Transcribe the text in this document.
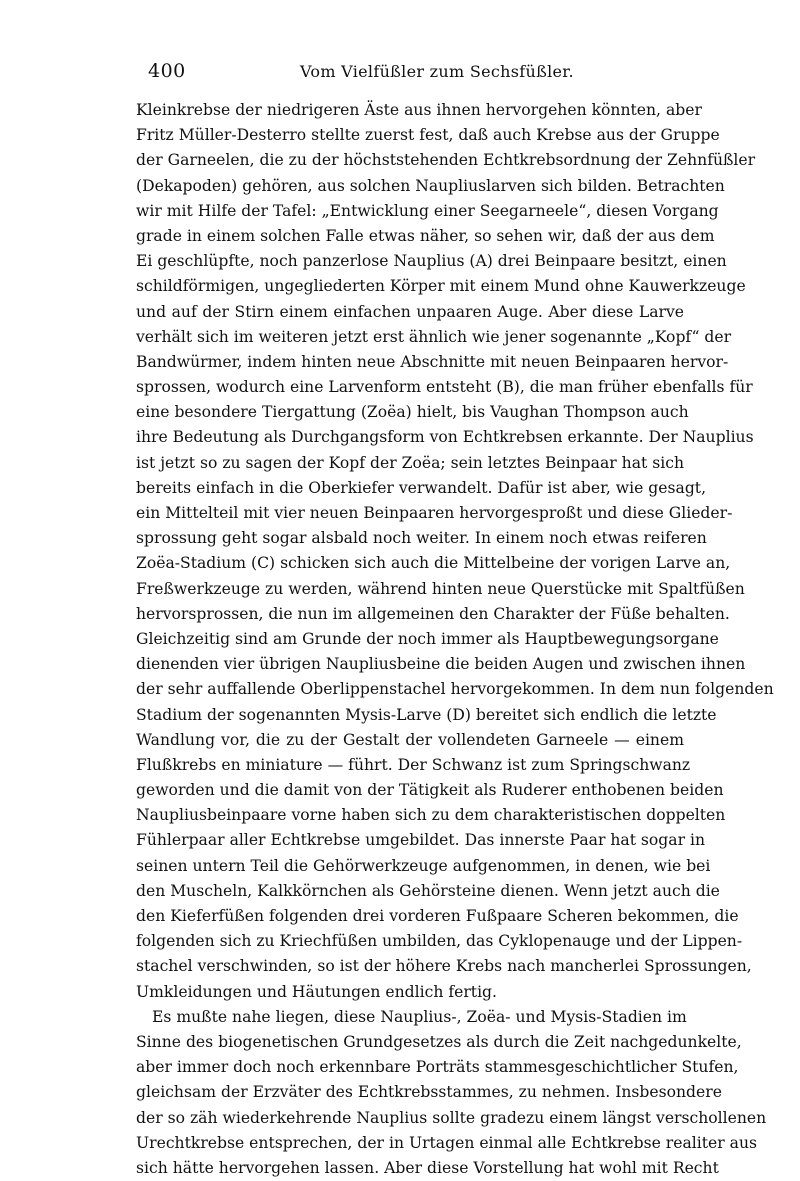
400	Vom Vielfüßler zum Sechsfüßler.
Kleinkrebse der niedrigeren Äste aus ihnen hervorgehen könnten, aber
Fritz Müller-Desterro stellte zuerst fest, daß auch Krebse aus der Gruppe
der Garneelen, die zu der höchststehenden Echtkrebsordnung der Zehnfüßler
(Dekapoden) gehören, aus solchen Naupliuslarven sich bilden. Betrachten
wir mit Hilfe der Tafel: „Entwicklung einer Seegarneele“, diesen Vorgang
grade in einem solchen Falle etwas näher, so sehen wir, daß der aus dem
Ei geschlüpfte, noch panzerlose Nauplius (A) drei Beinpaare besitzt, einen
schildförmigen, ungegliederten Körper mit einem Mund ohne Kauwerkzeuge
und auf der Stirn einem einfachen unpaaren Auge. Aber diese Larve
verhält sich im weiteren jetzt erst ähnlich wie jener sogenannte „Kopf“ der
Bandwürmer, indem hinten neue Abschnitte mit neuen Beinpaaren hervor-
sprossen, wodurch eine Larvenform entsteht (B), die man früher ebenfalls für
eine besondere Tiergattung (Zoëa) hielt, bis Vaughan Thompson auch
ihre Bedeutung als Durchgangsform von Echtkrebsen erkannte. Der Nauplius
ist jetzt so zu sagen der Kopf der Zoëa; sein letztes Beinpaar hat sich
bereits einfach in die Oberkiefer verwandelt. Dafür ist aber, wie gesagt,
ein Mittelteil mit vier neuen Beinpaaren hervorgesproßt und diese Glieder-
sprossung geht sogar alsbald noch weiter. In einem noch etwas reiferen
Zoëa-Stadium (C) schicken sich auch die Mittelbeine der vorigen Larve an,
Freßwerkzeuge zu werden, während hinten neue Querstücke mit Spaltfüßen
hervorsprossen, die nun im allgemeinen den Charakter der Füße behalten.
Gleichzeitig sind am Grunde der noch immer als Hauptbewegungsorgane
dienenden vier übrigen Naupliusbeine die beiden Augen und zwischen ihnen
der sehr auffallende Oberlippenstachel hervorgekommen. In dem nun folgenden
Stadium der sogenannten Mysis-Larve (D) bereitet sich endlich die letzte
Wandlung vor, die zu der Gestalt der vollendeten Garneele — einem
Flußkrebs en miniature — führt. Der Schwanz ist zum Springschwanz
geworden und die damit von der Tätigkeit als Ruderer enthobenen beiden
Naupliusbeinpaare vorne haben sich zu dem charakteristischen doppelten
Fühlerpaar aller Echtkrebse umgebildet. Das innerste Paar hat sogar in
seinen untern Teil die Gehörwerkzeuge aufgenommen, in denen, wie bei
den Muscheln, Kalkkörnchen als Gehörsteine dienen. Wenn jetzt auch die
den Kieferfüßen folgenden drei vorderen Fußpaare Scheren bekommen, die
folgenden sich zu Kriechfüßen umbilden, das Cyklopenauge und der Lippen-
stachel verschwinden, so ist der höhere Krebs nach mancherlei Sprossungen,
Umkleidungen und Häutungen endlich fertig.
Es mußte nahe liegen, diese Nauplius-, Zoëa- und Mysis-Stadien im
Sinne des biogenetischen Grundgesetzes als durch die Zeit nachgedunkelte,
aber immer doch noch erkennbare Porträts stammesgeschichtlicher Stufen,
gleichsam der Erzväter des Echtkrebsstammes, zu nehmen. Insbesondere
der so zäh wiederkehrende Nauplius sollte gradezu einem längst verschollenen
Urechtkrebse entsprechen, der in Urtagen einmal alle Echtkrebse realiter aus
sich hätte hervorgehen lassen. Aber diese Vorstellung hat wohl mit Recht
